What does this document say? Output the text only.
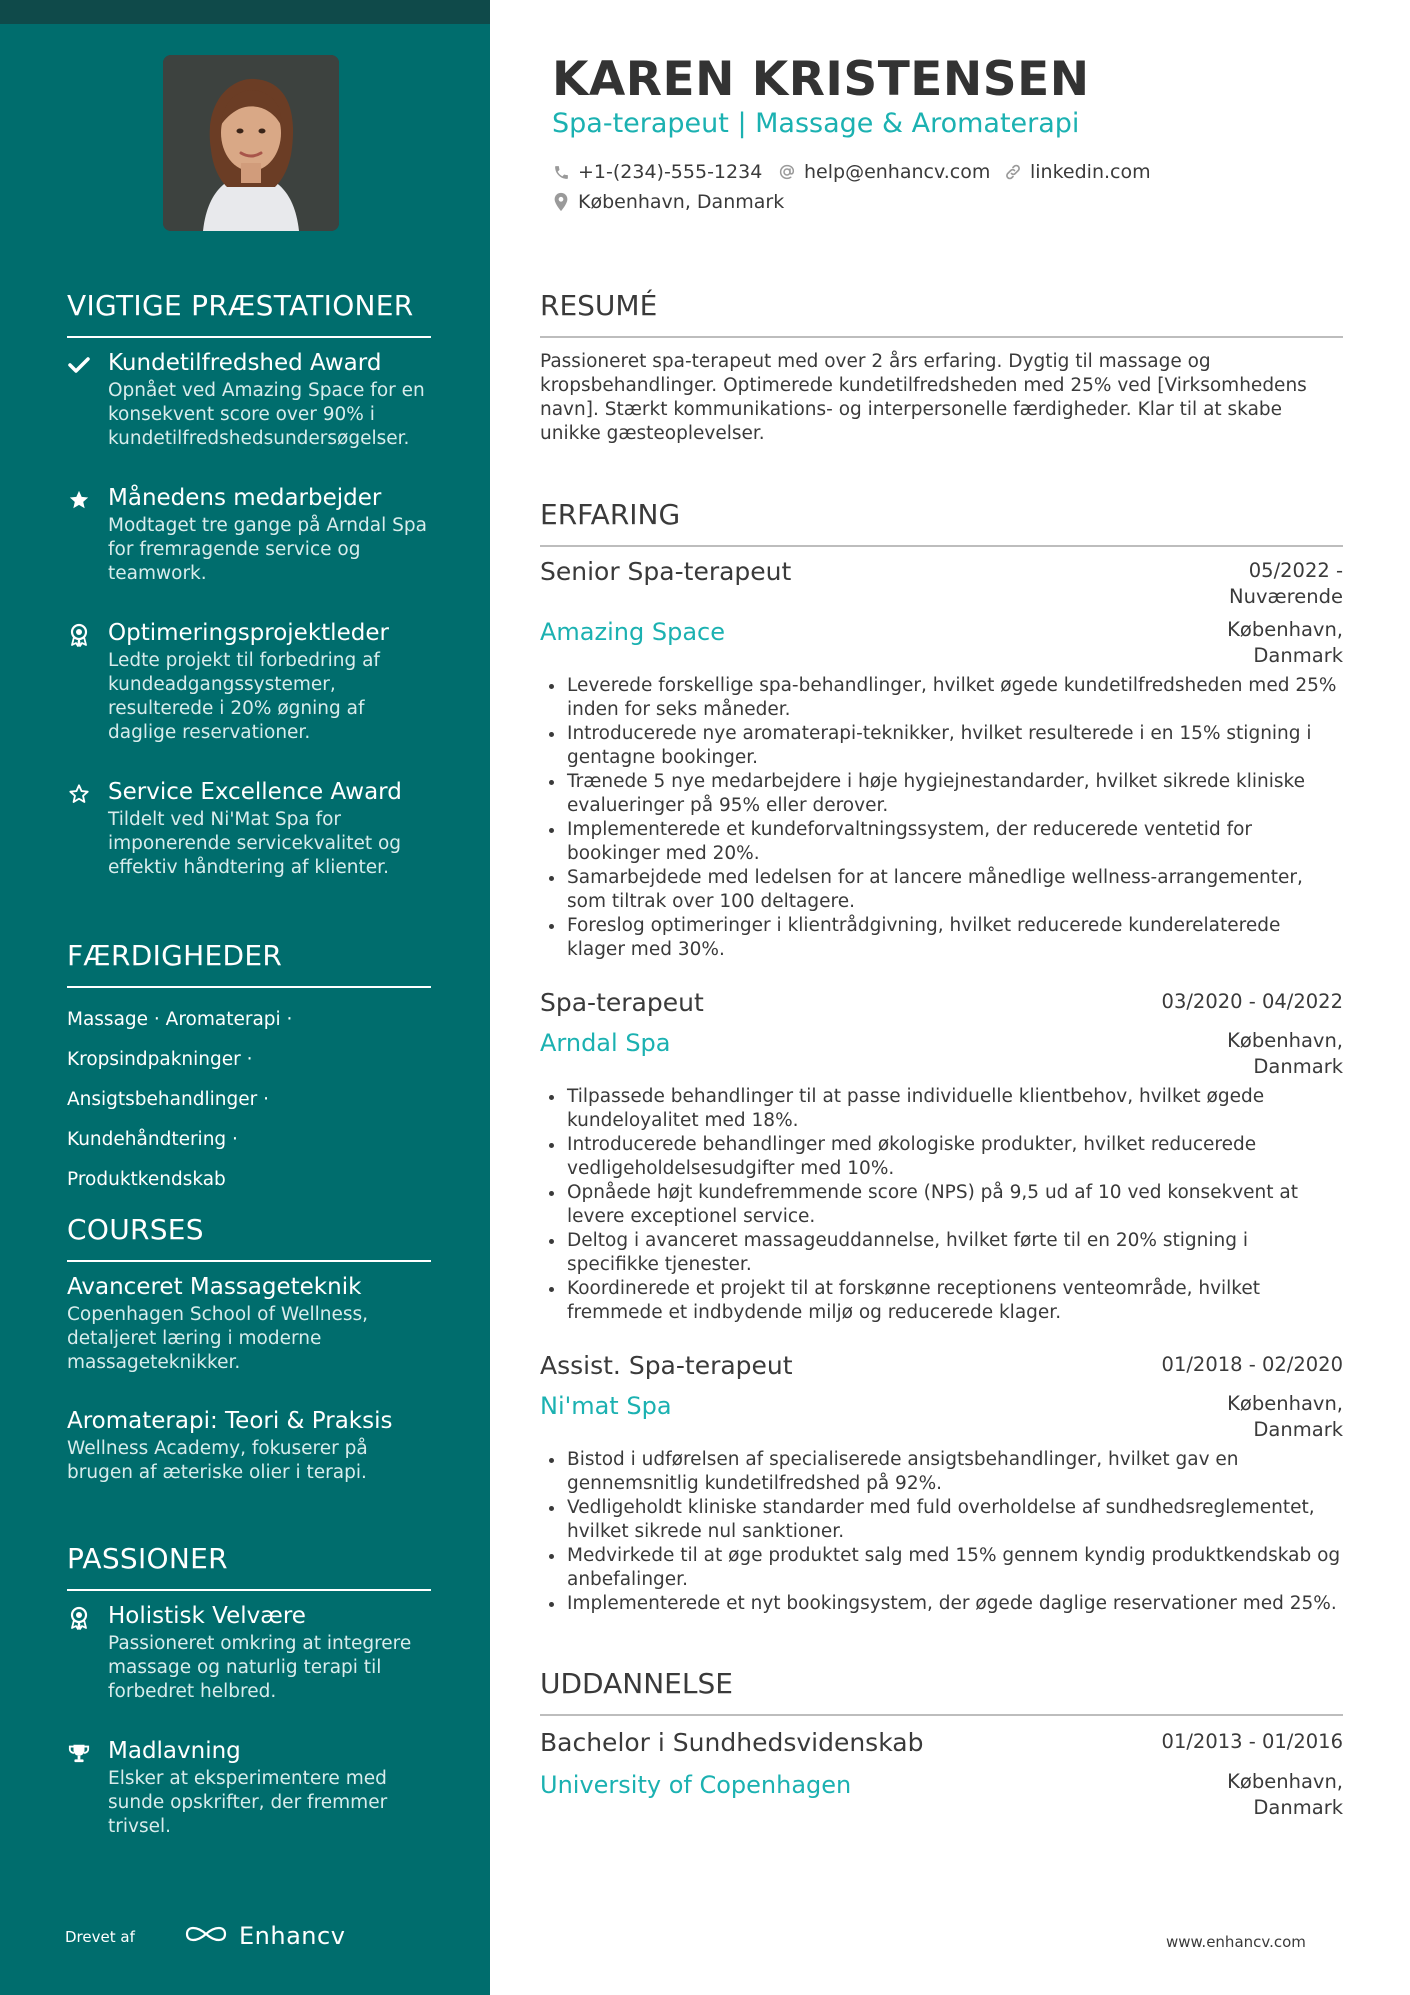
VIGTIGE PRÆSTATIONER
Kundetilfredshed Award
Opnået ved Amazing Space for en konsekvent score over 90% i kundetilfredshedsundersøgelser.
Månedens medarbejder
Modtaget tre gange på Arndal Spa for fremragende service og teamwork.
Optimeringsprojektleder
Ledte projekt til forbedring af kundeadgangssystemer, resulterede i 20% øgning af daglige reservationer.
Service Excellence Award
Tildelt ved Ni'Mat Spa for imponerende servicekvalitet og effektiv håndtering af klienter.
FÆRDIGHEDER
Massage · Aromaterapi ·
Kropsindpakninger ·
Ansigtsbehandlinger · Kundehåndtering ·
Produktkendskab
COURSES
Avanceret Massageteknik
Copenhagen School of Wellness, detaljeret læring i moderne massageteknikker.
Aromaterapi: Teori & Praksis
Wellness Academy, fokuserer på brugen af æteriske olier i terapi.
PASSIONER
Holistisk Velvære
Passioneret omkring at integrere massage og naturlig terapi til forbedret helbred.
Madlavning
Elsker at eksperimentere med sunde opskrifter, der fremmer trivsel.
Drevet af	Enhancv
KAREN KRISTENSEN
Spa-terapeut | Massage & Aromaterapi
+1-(234)-555-1234 help@enhancv.com linkedin.com
København, Danmark
RESUMÉ
Passioneret spa-terapeut med over 2 års erfaring. Dygtig til massage og kropsbehandlinger. Optimerede kundetilfredsheden med 25% ved [Virksomhedens navn]. Stærkt kommunikations- og interpersonelle færdigheder. Klar til at skabe unikke gæsteoplevelser.
ERFARING
Senior Spa-terapeut	05/2022 - Nuværende
Amazing Space	København, Danmark
Leverede forskellige spa-behandlinger, hvilket øgede kundetilfredsheden med 25% inden for seks måneder.
Introducerede nye aromaterapi-teknikker, hvilket resulterede i en 15% stigning i gentagne bookinger.
Trænede 5 nye medarbejdere i høje hygiejnestandarder, hvilket sikrede kliniske evalueringer på 95% eller derover.
Implementerede et kundeforvaltningssystem, der reducerede ventetid for bookinger med 20%.
Samarbejdede med ledelsen for at lancere månedlige wellness-arrangementer, som tiltrak over 100 deltagere.
Foreslog optimeringer i klientrådgivning, hvilket reducerede kunderelaterede klager med 30%.
Spa-terapeut	03/2020 - 04/2022
Arndal Spa	København, Danmark
Tilpassede behandlinger til at passe individuelle klientbehov, hvilket øgede kundeloyalitet med 18%.
Introducerede behandlinger med økologiske produkter, hvilket reducerede vedligeholdelsesudgifter med 10%.
Opnåede højt kundefremmende score (NPS) på 9,5 ud af 10 ved konsekvent at levere exceptionel service.
Deltog i avanceret massageuddannelse, hvilket førte til en 20% stigning i specifikke tjenester.
Koordinerede et projekt til at forskønne receptionens venteområde, hvilket fremmede et indbydende miljø og reducerede klager.
Assist. Spa-terapeut	01/2018 - 02/2020
Ni'mat Spa	København, Danmark
Bistod i udførelsen af specialiserede ansigtsbehandlinger, hvilket gav en gennemsnitlig kundetilfredshed på 92%.
Vedligeholdt kliniske standarder med fuld overholdelse af sundhedsreglementet, hvilket sikrede nul sanktioner.
Medvirkede til at øge produktet salg med 15% gennem kyndig produktkendskab og anbefalinger.
Implementerede et nyt bookingsystem, der øgede daglige reservationer med 25%.
UDDANNELSE
Bachelor i Sundhedsvidenskab	01/2013 - 01/2016
University of Copenhagen	København, Danmark
www.enhancv.com
